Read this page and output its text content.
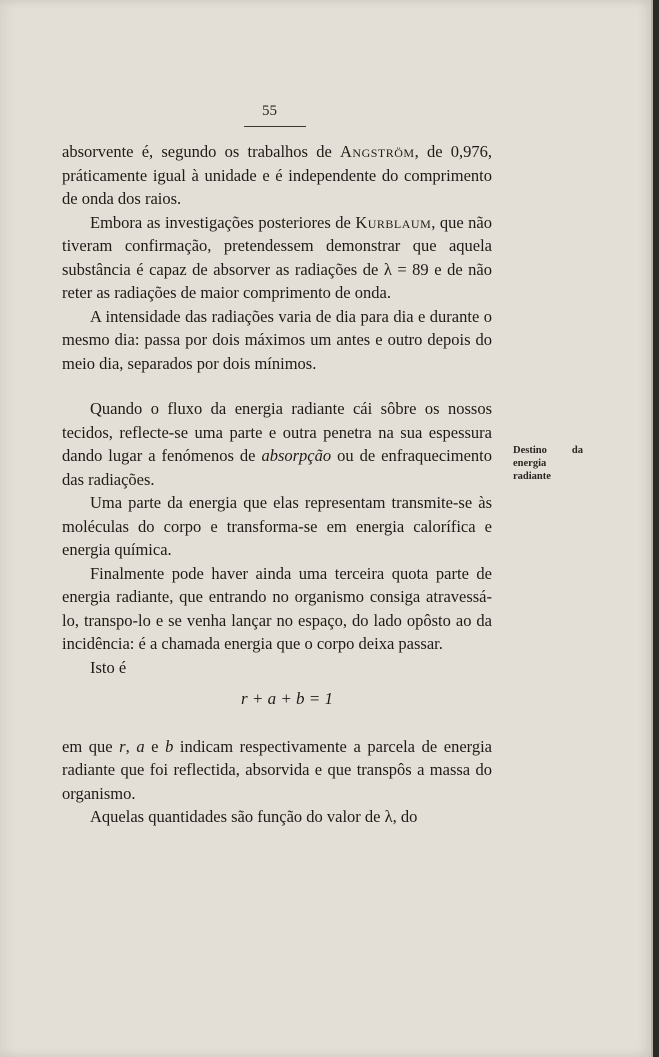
55

absorvente é, segundo os trabalhos de Angström, de 0,976, práticamente igual à unidade e é independente do comprimento de onda dos raios.

Embora as investigações posteriores de Kurblaum, que não tiveram confirmação, pretendessem demonstrar que aquela substância é capaz de absorver as radiações de λ = 89 e de não reter as radiações de maior comprimento de onda.

A intensidade das radiações varia de dia para dia e durante o mesmo dia: passa por dois máximos um antes e outro depois do meio dia, separados por dois mínimos.

Quando o fluxo da energia radiante cái sôbre os nossos tecidos, reflecte-se uma parte e outra penetra na sua espessura dando lugar a fenómenos de absorpção ou de enfraquecimento das radiações.

Uma parte da energia que elas representam transmite-se às moléculas do corpo e transforma-se em energia calorífica e energia química.

Finalmente pode haver ainda uma terceira quota parte de energia radiante, que entrando no organismo consiga atravessá-lo, transpo-lo e se venha lançar no espaço, do lado opôsto ao da incidência: é a chamada energia que o corpo deixa passar.

Isto é

r + a + b = 1

em que r, a e b indicam respectivamente a parcela de energia radiante que foi reflectida, absorvida e que transpôs a massa do organismo.

Aquelas quantidades são função do valor de λ, do

Destino da energia radiante
